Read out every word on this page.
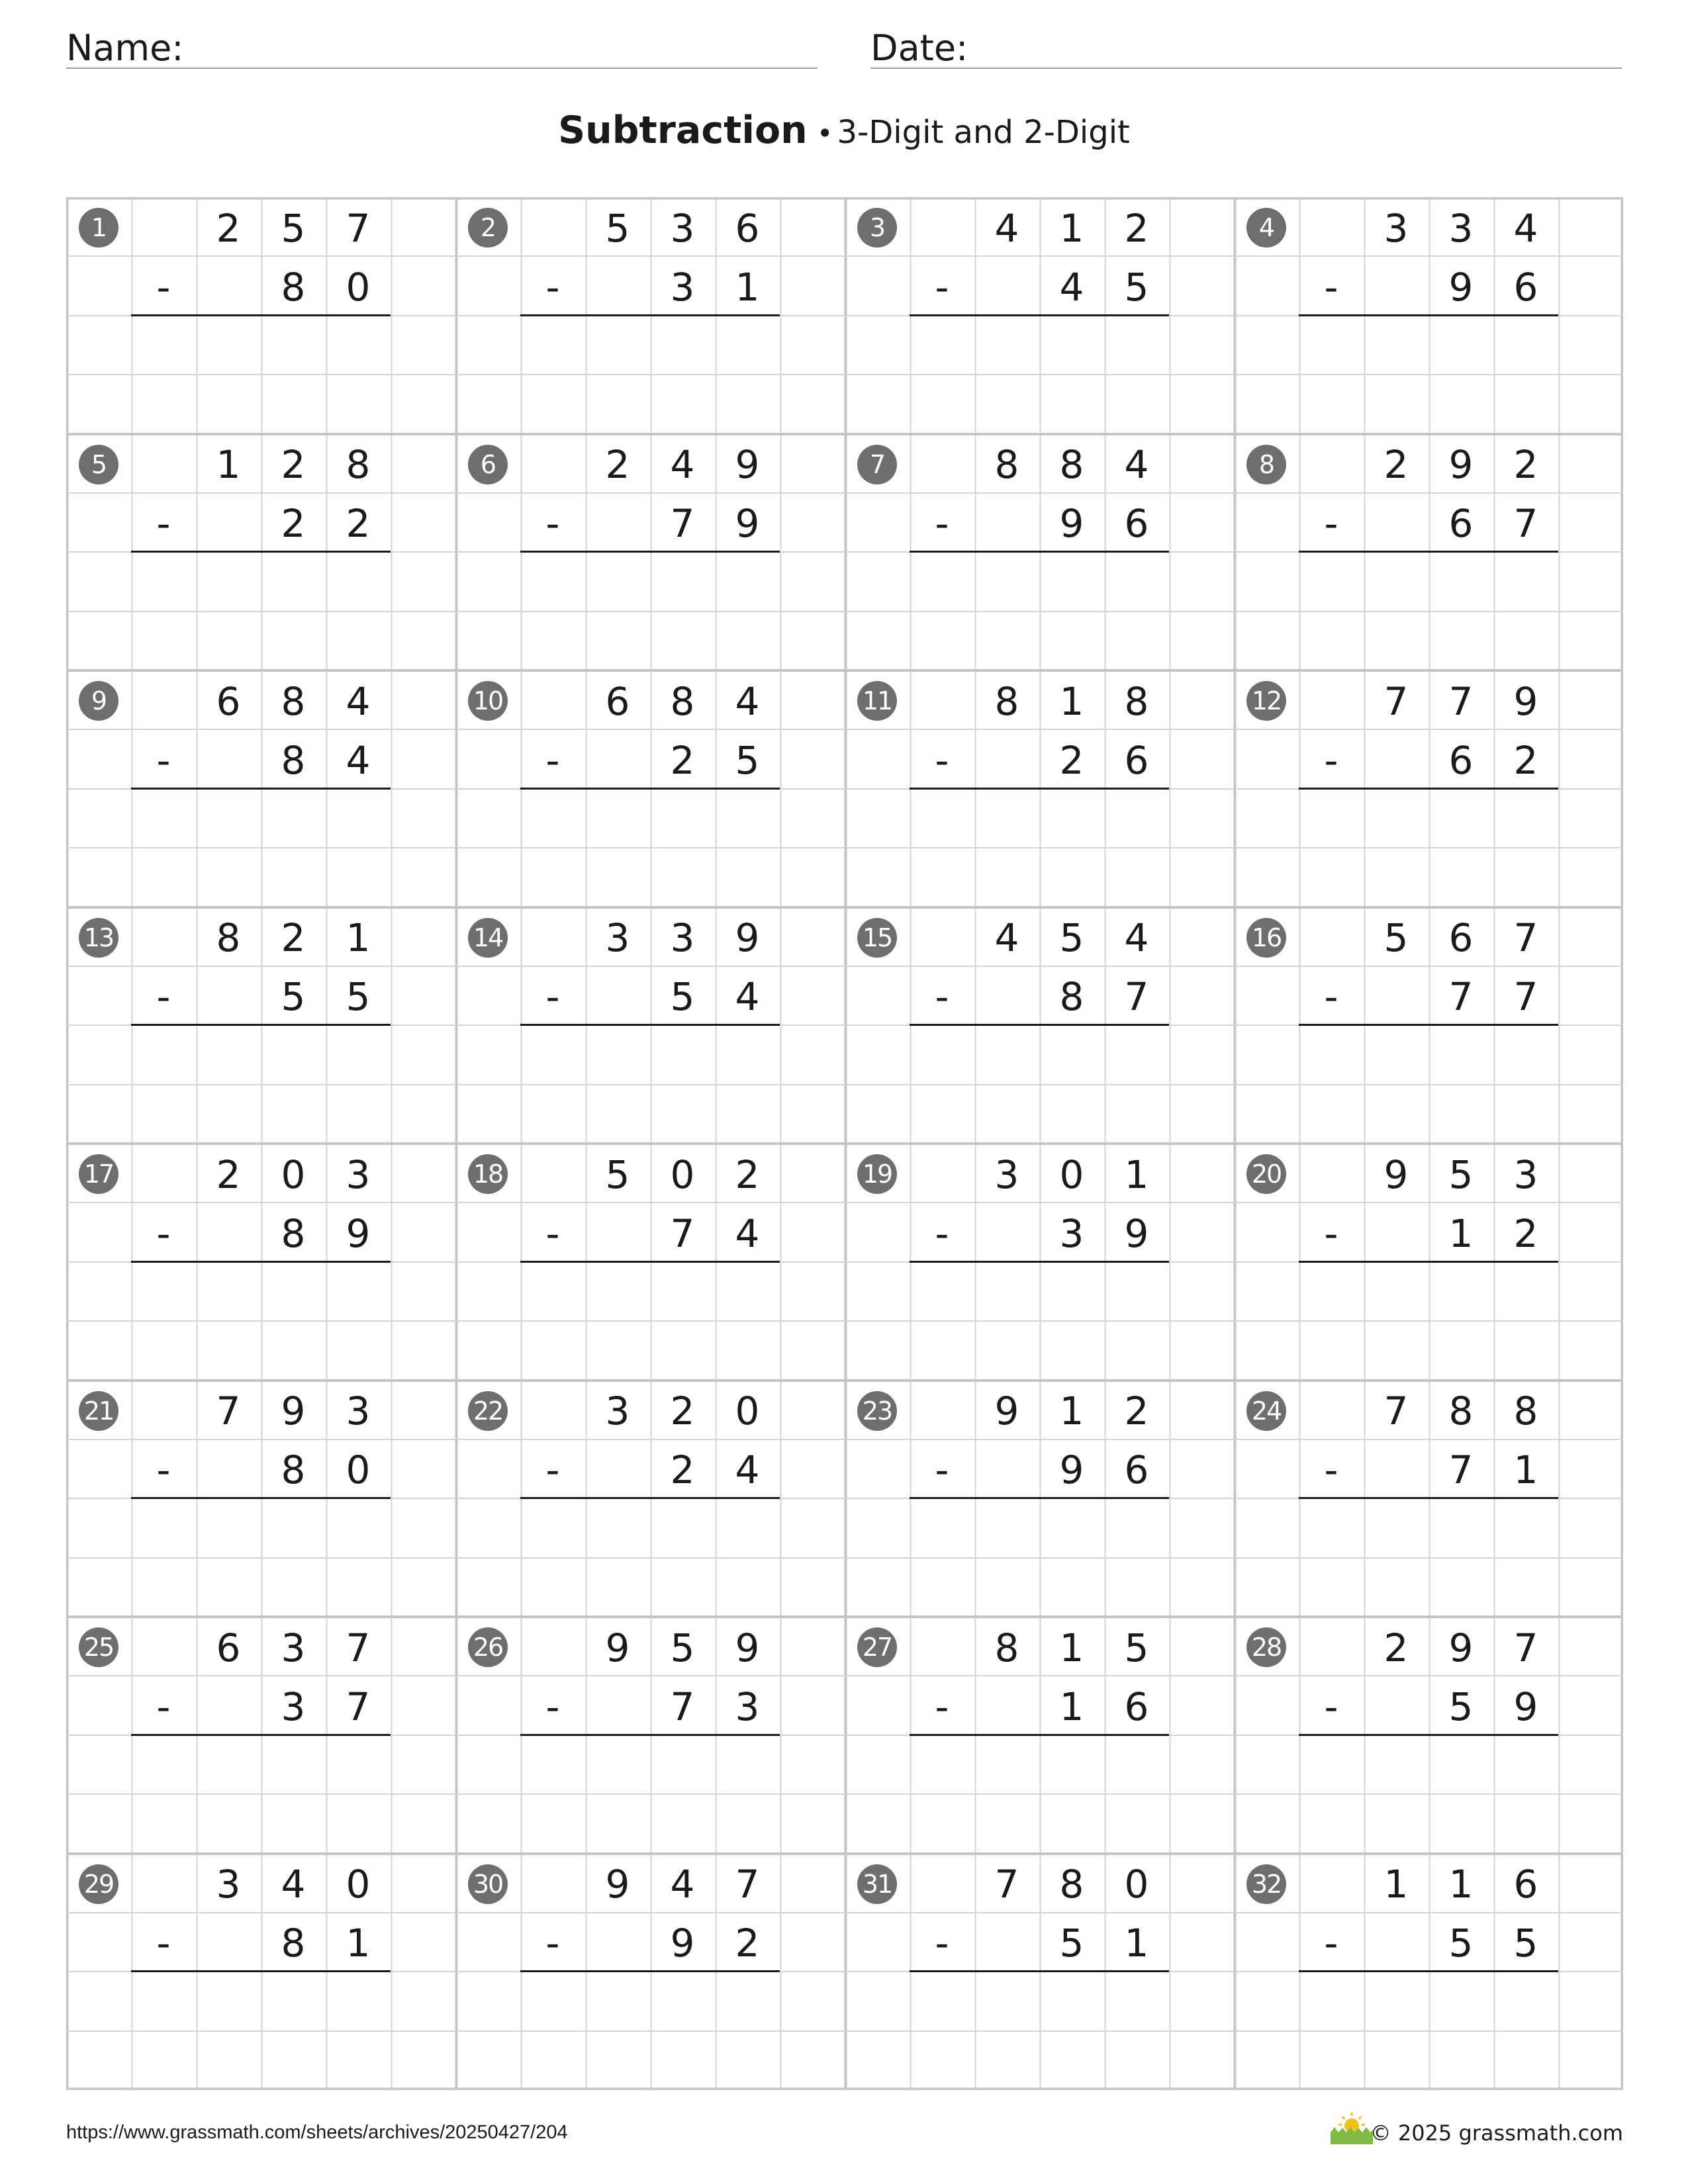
Name:	Date:
Subtraction • 3-Digit and 2-Digit
1	2	5	7
-	8	0
2	5	3	6
-	3	1
3	4	1	2
-	4	5
4	3	3	4
-	9	6
5	1	2	8
-	2	2
6	2	4	9
-	7	9
7	8	8	4
-	9	6
8	2	9	2
-	6	7
9	6	8	4
-	8	4
10	6	8	4
-	2	5
11	8	1	8
-	2	6
12	7	7	9
-	6	2
13	8	2	1
-	5	5
14	3	3	9
-	5	4
15	4	5	4
-	8	7
16	5	6	7
-	7	7
17	2	0	3
-	8	9
18	5	0	2
-	7	4
19	3	0	1
-	3	9
20	9	5	3
-	1	2
21	7	9	3
-	8	0
22	3	2	0
-	2	4
23	9	1	2
-	9	6
24	7	8	8
-	7	1
25	6	3	7
-	3	7
26	9	5	9
-	7	3
27	8	1	5
-	1	6
28	2	9	7
-	5	9
29	3	4	0
-	8	1
30	9	4	7
-	9	2
31	7	8	0
-	5	1
32	1	1	6
-	5	5
https://www.grassmath.com/sheets/archives/20250427/204	© 2025 grassmath.com
